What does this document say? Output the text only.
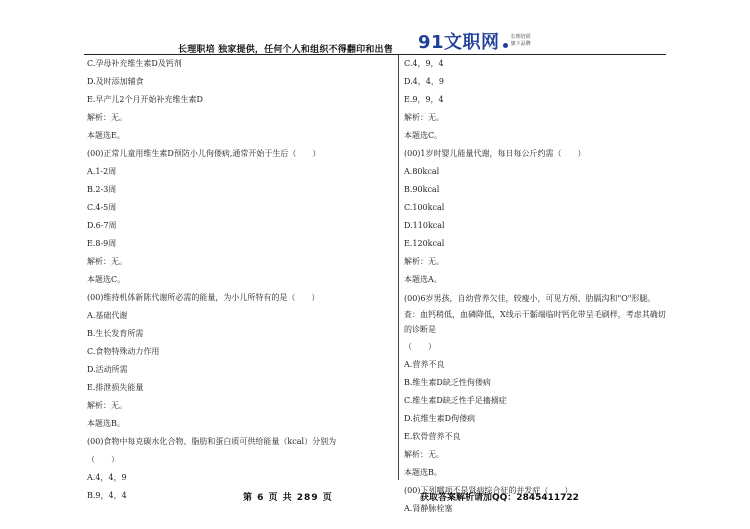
长理职培 独家提供，任何个人和组织不得翻印和出售 91文职网 长理培训
旗下品牌
C.孕母补充维生素D及钙剂
D.及时添加辅食
E.早产儿2个月开始补充维生素D
解析：无。
本题选E。
(00)正常儿童用维生素D预防小儿佝偻病,通常开始于生后（　　）
A.1-2周
B.2-3周
C.4-5周
D.6-7周
E.8-9周
解析：无。
本题选C。
(00)维持机体新陈代谢所必需的能量，为小儿所特有的是（　　）
A.基础代谢
B.生长发育所需
C.食物特殊动力作用
D.活动所需
E.排泄损失能量
解析：无。
本题选B。
(00)食物中每克碳水化合物、脂肪和蛋白质可供给能量（kcal）分别为
（　　）
A.4，4，9
B.9，4，4
C.4，9，4
D.4，4，9
E.9，9，4
解析：无。
本题选C。
(00)1岁时婴儿能量代谢，每日每公斤约需（　　）
A.80kcal
B.90kcal
C.100kcal
D.110kcal
E.120kcal
解析：无。
本题选A。
(00)6岁男孩，自幼营养欠佳，较瘦小，可见方颅、肋膈沟和"O"形腿。查：血钙稍低，血磷降低，X线示干骺端临时钙化带呈毛刷样，考虑其确切的诊断是
（　　）
A.营养不良
B.维生素D缺乏性佝偻病
C.维生素D缺乏性手足搐搦症
D.抗维生素D佝偻病
E.软骨营养不良
解析：无。
本题选B。
(00)下列哪项不是肾病综合征的并发症（　　）
A.肾静脉栓塞
第 6 页 共 289 页	获取答案解析请加QQ：2845411722
